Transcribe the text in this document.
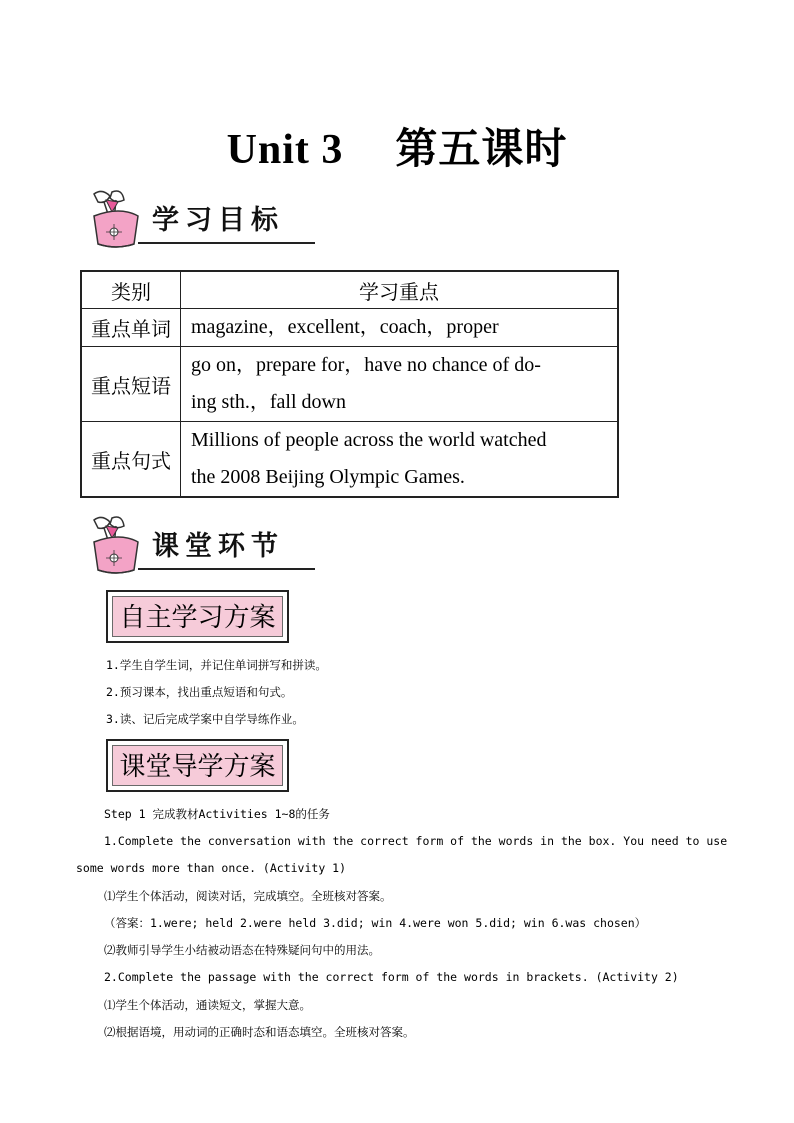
Unit 3 第五课时
学习目标
类别	学习重点
重点单词	magazine，excellent，coach，proper
重点短语	go on，prepare for，have no chance of do-
ing sth.，fall down

重点句式	Millions of people across the world watched
the 2008 Beijing Olympic Games.
课堂环节
自主学习方案
1.学生自学生词，并记住单词拼写和拼读。
2.预习课本，找出重点短语和句式。
3.读、记后完成学案中自学导练作业。
课堂导学方案
Step 1 完成教材Activities 1~8的任务
1.Complete the conversation with the correct form of the words in the box. You need to use
some words more than once. (Activity 1)
⑴学生个体活动，阅读对话，完成填空。全班核对答案。
（答案：1.were; held 2.were held 3.did; win 4.were won 5.did; win 6.was chosen）
⑵教师引导学生小结被动语态在特殊疑问句中的用法。
2.Complete the passage with the correct form of the words in brackets. (Activity 2)
⑴学生个体活动，通读短文，掌握大意。
⑵根据语境，用动词的正确时态和语态填空。全班核对答案。
